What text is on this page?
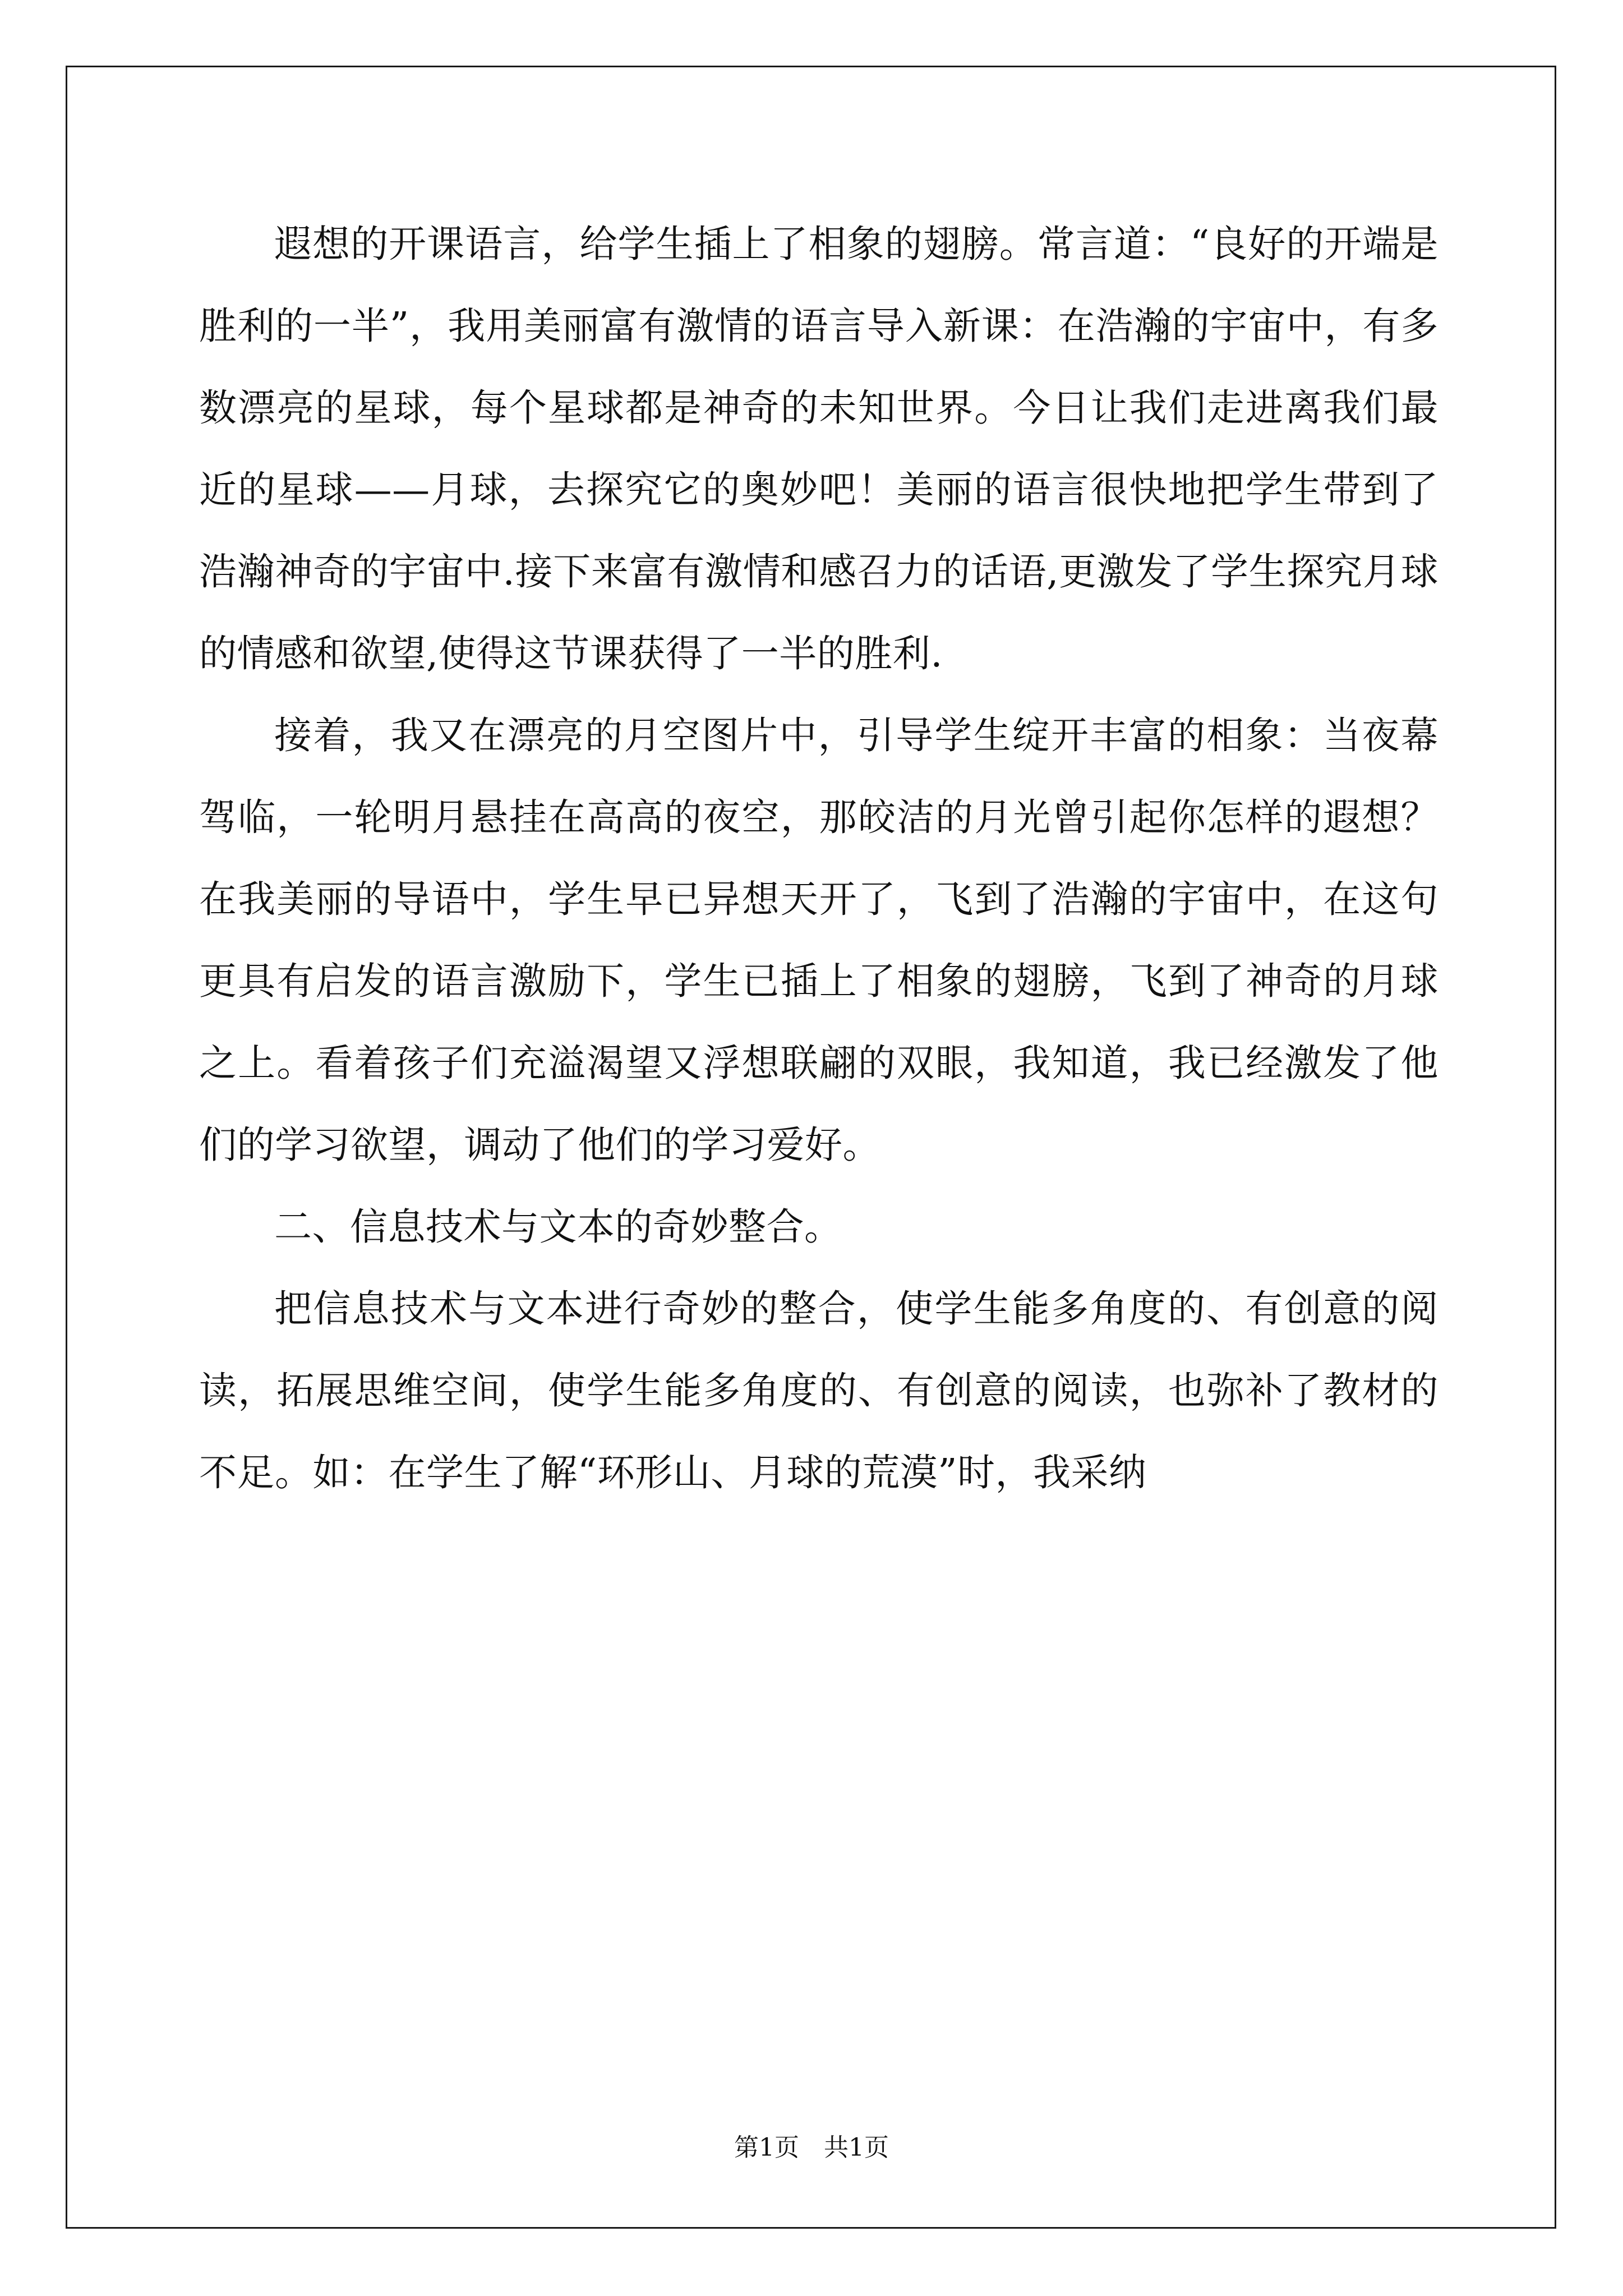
遐想的开课语言，给学生插上了相象的翅膀。常言道：“良好的开端是胜利的一半”，我用美丽富有激情的语言导入新课：在浩瀚的宇宙中，有多数漂亮的星球，每个星球都是神奇的未知世界。今日让我们走进离我们最近的星球——月球，去探究它的奥妙吧！美丽的语言很快地把学生带到了浩瀚神奇的宇宙中.接下来富有激情和感召力的话语,更激发了学生探究月球的情感和欲望,使得这节课获得了一半的胜利.

接着，我又在漂亮的月空图片中，引导学生绽开丰富的相象：当夜幕驾临，一轮明月悬挂在高高的夜空，那皎洁的月光曾引起你怎样的遐想？在我美丽的导语中，学生早已异想天开了，飞到了浩瀚的宇宙中，在这句更具有启发的语言激励下，学生已插上了相象的翅膀，飞到了神奇的月球之上。看着孩子们充溢渴望又浮想联翩的双眼，我知道，我已经激发了他们的学习欲望，调动了他们的学习爱好。

二、信息技术与文本的奇妙整合。

把信息技术与文本进行奇妙的整合，使学生能多角度的、有创意的阅读，拓展思维空间，使学生能多角度的、有创意的阅读，也弥补了教材的不足。如：在学生了解“环形山、月球的荒漠”时，我采纳

第1页　共1页
